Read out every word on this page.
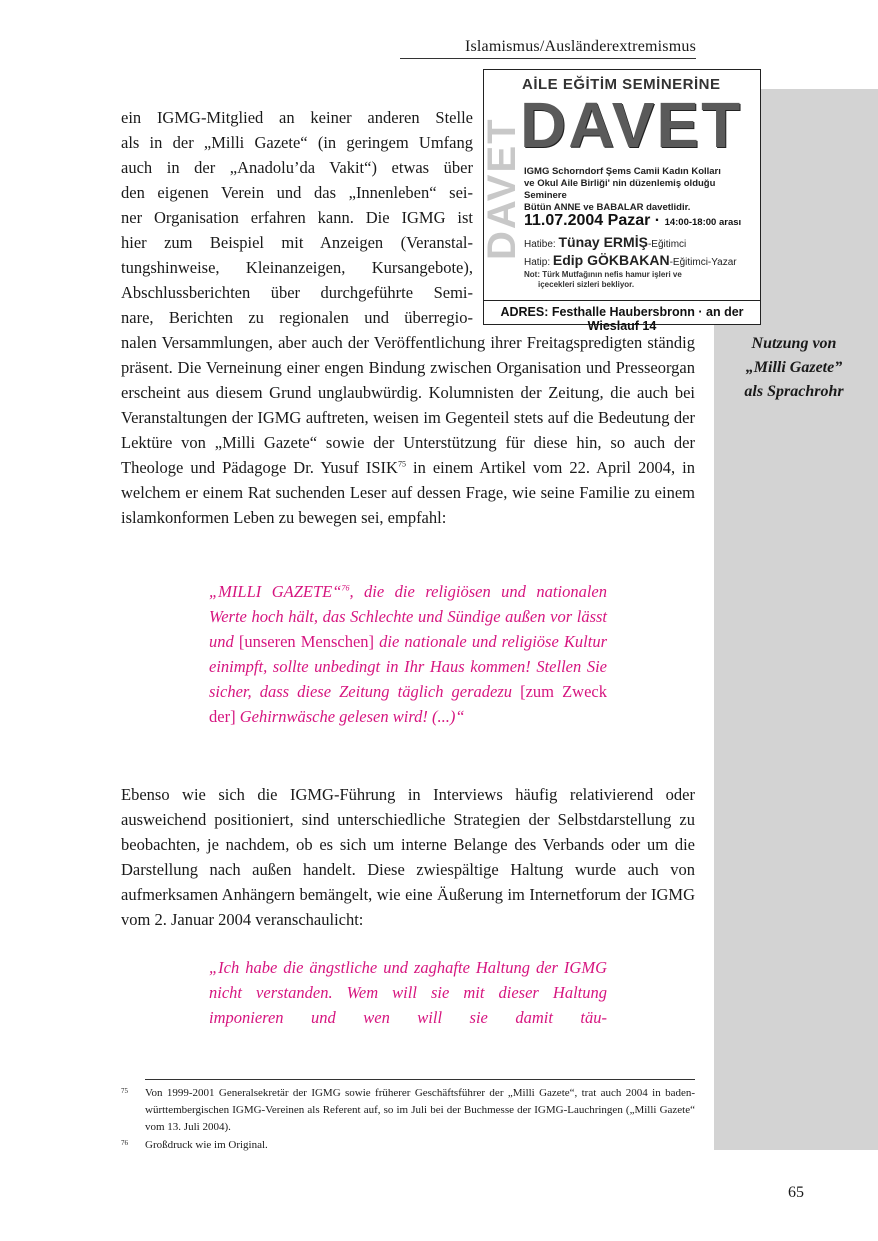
Islamismus/Ausländerextremismus
Nutzung von
„Milli Gazete”
als Sprachrohr
DAVET
AİLE EĞİTİM SEMİNERİNE
DAVET

IGMG Schorndorf Şems Camii Kadın Kolları

ve Okul Aile Birliği' nin düzenlemiş olduğu Seminere

Bütün ANNE ve BABALAR davetlidir.

11.07.2004 Pazar · 14:00-18:00 arası
Hatibe: Tünay ERMİŞ-Eğitimci
Hatip: Edip GÖKBAKAN-Eğitimci-Yazar
Not: Türk Mutfağının nefis hamur işleri ve
içecekleri sizleri bekliyor.
ADRES: Festhalle Haubersbronn · an der Wieslauf 14

ein IGMG-Mitglied an keiner anderen Stelle

als in der „Milli Gazete“ (in geringem Umfang

auch in der „Anadolu’da Vakit“) etwas über

den eigenen Verein und das „Innenleben“ sei-

ner Organisation erfahren kann. Die IGMG ist

hier zum Beispiel mit Anzeigen (Veranstal-

tungshinweise, Kleinanzeigen, Kursangebote),

Abschlussberichten über durchgeführte Semi-

nare, Berichten zu regionalen und überregio-

nalen Versammlungen, aber auch der Veröffentlichung ihrer Freitagspredigten ständig präsent. Die Verneinung einer engen Bindung zwischen Organisation und Presseorgan erscheint aus diesem Grund unglaubwürdig. Kolumnisten der Zeitung, die auch bei Veranstaltungen der IGMG auftreten, weisen im Gegenteil stets auf die Bedeutung der Lektüre von „Milli Gazete“ sowie der Unterstützung für diese hin, so auch der Theologe und Pädagoge Dr. Yusuf ISIK$^{75}$ in einem Artikel vom 22. April 2004, in welchem er einem Rat suchenden Leser auf dessen Frage, wie seine Familie zu einem islamkonformen Leben zu bewegen sei, empfahl:

„MILLI GAZETE“$^{76}$, die die religiösen und nationalen Werte hoch hält, das Schlechte und Sündige außen vor lässt und [unseren Menschen] die nationale und religiöse Kultur einimpft, sollte unbedingt in Ihr Haus kommen! Stellen Sie sicher, dass diese Zeitung täglich geradezu [zum Zweck der] Gehirnwäsche gelesen wird! (...)“

Ebenso wie sich die IGMG-Führung in Interviews häufig relativierend oder ausweichend positioniert, sind unterschiedliche Strategien der Selbstdarstellung zu beobachten, je nachdem, ob es sich um interne Belange des Verbands oder um die Darstellung nach außen handelt. Diese zwiespältige Haltung wurde auch von aufmerksamen Anhängern bemängelt, wie eine Äußerung im Internetforum der IGMG vom 2. Januar 2004 veranschaulicht:

„Ich habe die ängstliche und zaghafte Haltung der IGMG nicht verstanden. Wem will sie mit dieser Haltung imponieren und wen will sie damit täu-

75 Von 1999-2001 Generalsekretär der IGMG sowie früherer Geschäftsführer der „Milli Gazete“, trat auch 2004 in baden-württembergischen IGMG-Vereinen als Referent auf, so im Juli bei der Buchmesse der IGMG-Lauchringen („Milli Gazete“ vom 13. Juli 2004).
76 Großdruck wie im Original.
65
